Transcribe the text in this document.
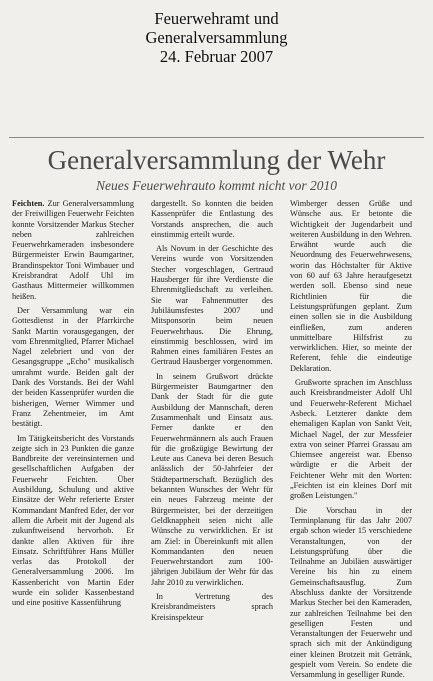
Feuerwehramt und
Generalversammlung
24. Februar 2007
Generalversammlung der Wehr
Neues Feuerwehrauto kommt nicht vor 2010

Feichten. Zur Generalversammlung der Freiwilligen Feuerwehr Feichten konnte Vorsitzender Markus Stecher neben zahlreichen Feuerwehrkameraden insbesondere Bürgermeister Erwin Baumgartner, Brandinspektor Toni Wimbauer und Kreisbrandrat Adolf Uhl im Gasthaus Mittermeier willkommen heißen.

Der Versammlung war ein Gottesdienst in der Pfarrkirche Sankt Martin vorausgegangen, der vom Ehrenmitglied, Pfarrer Michael Nagel zelebriert und von der Gesangsgruppe „Echo" musikalisch umrahmt wurde. Beiden galt der Dank des Vorstands. Bei der Wahl der beiden Kassenprüfer wurden die bisherigen, Werner Wimmer und Franz Zehentmeier, im Amt bestätigt.

Im Tätigkeitsbericht des Vorstands zeigte sich in 23 Punkten die ganze Bandbreite der vereinsinternen und gesellschaftlichen Aufgaben der Feuerwehr Feichten. Über Ausbildung, Schulung und aktive Einsätze der Wehr referierte Erster Kommandant Manfred Eder, der vor allem die Arbeit mit der Jugend als zukunftweisend hervorhob. Er dankte allen Aktiven für ihre Einsatz. Schriftführer Hans Müller verlas das Protokoll der Generalversammlung 2006. Im Kassenbericht von Martin Eder wurde ein solider Kassenbestand und eine positive Kassenführung

dargestellt. So konnten die beiden Kassenprüfer die Entlastung des Vorstands ansprechen, die auch einstimmig erteilt wurde.

Als Novum in der Geschichte des Vereins wurde von Vorsitzenden Stecher vorgeschlagen, Gertraud Hausberger für ihre Verdienste die Ehrenmitgliedschaft zu verleihen. Sie war Fahnenmutter des Jubiläumsfestes 2007 und Mitsponsorin beim neuen Feuerwehrhaus. Die Ehrung, einstimmig beschlossen, wird im Rahmen eines familiären Festes an Gertraud Hausberger vorgenommen.

In seinem Grußwort drückte Bürgermeister Baumgartner den Dank der Stadt für die gute Ausbildung der Mannschaft, deren Zusammenhalt und Einsatz aus. Ferner dankte er den Feuerwehrmännern als auch Frauen für die großzügige Bewirtung der Leute aus Caneva bei deren Besuch anlässlich der 50-Jahrfeier der Städtepartnerschaft. Bezüglich des bekannten Wunsches der Wehr für ein neues Fahrzeug meinte der Bürgermeister, bei der derzeitigen Geldknappheit seien nicht alle Wünsche zu verwirklichen. Er ist am Ziel: in Übereinkunft mit allen Kommandanten den neuen Feuerwehrstandort zum 100-jährigen Jubiläum der Wehr für das Jahr 2010 zu verwirklichen.

In Vertretung des Kreisbrandmeisters sprach Kreisinspekteur

Wimberger dessen Grüße und Wünsche aus. Er betonte die Wichtigkeit der Jugendarbeit und weiteren Ausbildung in den Wehren. Erwähnt wurde auch die Neuordnung des Feuerwehrwesens, worin das Höchstalter für Aktive von 60 auf 63 Jahre heraufgesetzt werden soll. Ebenso sind neue Richtlinien für die Leistungsprüfungen geplant. Zum einen sollen sie in die Ausbildung einfließen, zum anderen unmittelbare Hilfsfrist zu verwirklichen. Hier, so meinte der Referent, fehle die eindeutige Deklaration.

Grußworte sprachen im Anschluss auch Kreisbrandmeister Adolf Uhl und Feuerwehr-Referent Michael Asbeck. Letzterer dankte dem ehemaligen Kaplan von Sankt Veit, Michael Nagel, der zur Messfeier extra von seiner Pfarrei Grassau am Chiemsee angereist war. Ebenso würdigte er die Arbeit der Feichtener Wehr mit den Worten: „Feichten ist ein kleines Dorf mit großen Leistungen."

Die Vorschau in der Terminplanung für das Jahr 2007 ergab schon wieder 15 verschiedene Veranstaltungen, von der Leistungsprüfung über die Teilnahme an Jubiläen auswärtiger Vereine bis hin zu einem Gemeinschaftsausflug. Zum Abschluss dankte der Vorsitzende Markus Stecher bei den Kameraden, zur zahlreichen Teilnahme bei den geselligen Festen und Veranstaltungen der Feuerwehr und sprach sich mit der Ankündigung einer kleinen Brotzeit mit Getränk, gespielt vom Verein. So endete die Versammlung in geselliger Runde.
